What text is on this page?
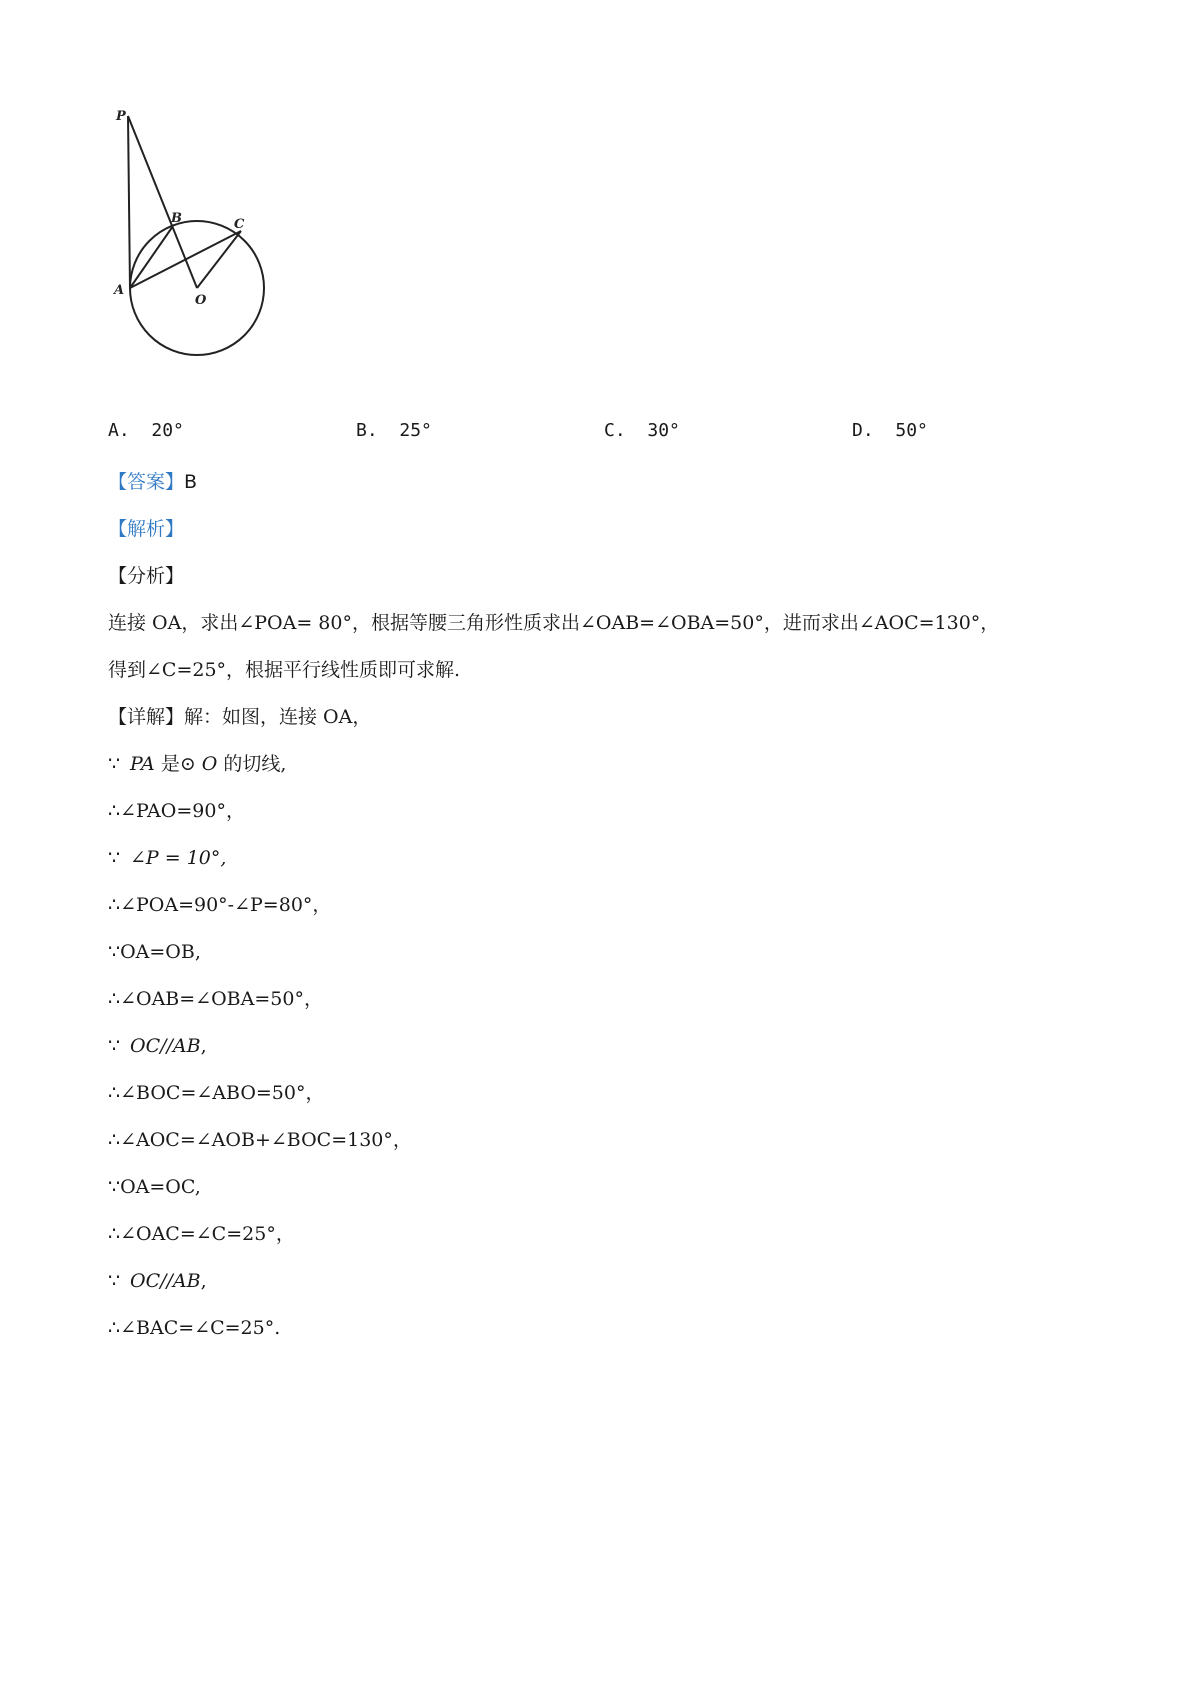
P
B	C
A
O
A. 20°	B. 25°	C. 30°	D. 50°
【答案】B
【解析】
【分析】
连接 OA，求出∠POA= 80°，根据等腰三角形性质求出∠OAB=∠OBA=50°，进而求出∠AOC=130°，
得到∠C=25°，根据平行线性质即可求解.
【详解】解：如图，连接 OA，
∵ PA 是⊙ O 的切线,
∴∠PAO=90°，
∵ ∠P = 10°,
∴∠POA=90°-∠P=80°，
∵OA=OB,
∴∠OAB=∠OBA=50°，
∵ OC//AB,
∴∠BOC=∠ABO=50°，
∴∠AOC=∠AOB+∠BOC=130°，
∵OA=OC,
∴∠OAC=∠C=25°，
∵ OC//AB,
∴∠BAC=∠C=25°.
